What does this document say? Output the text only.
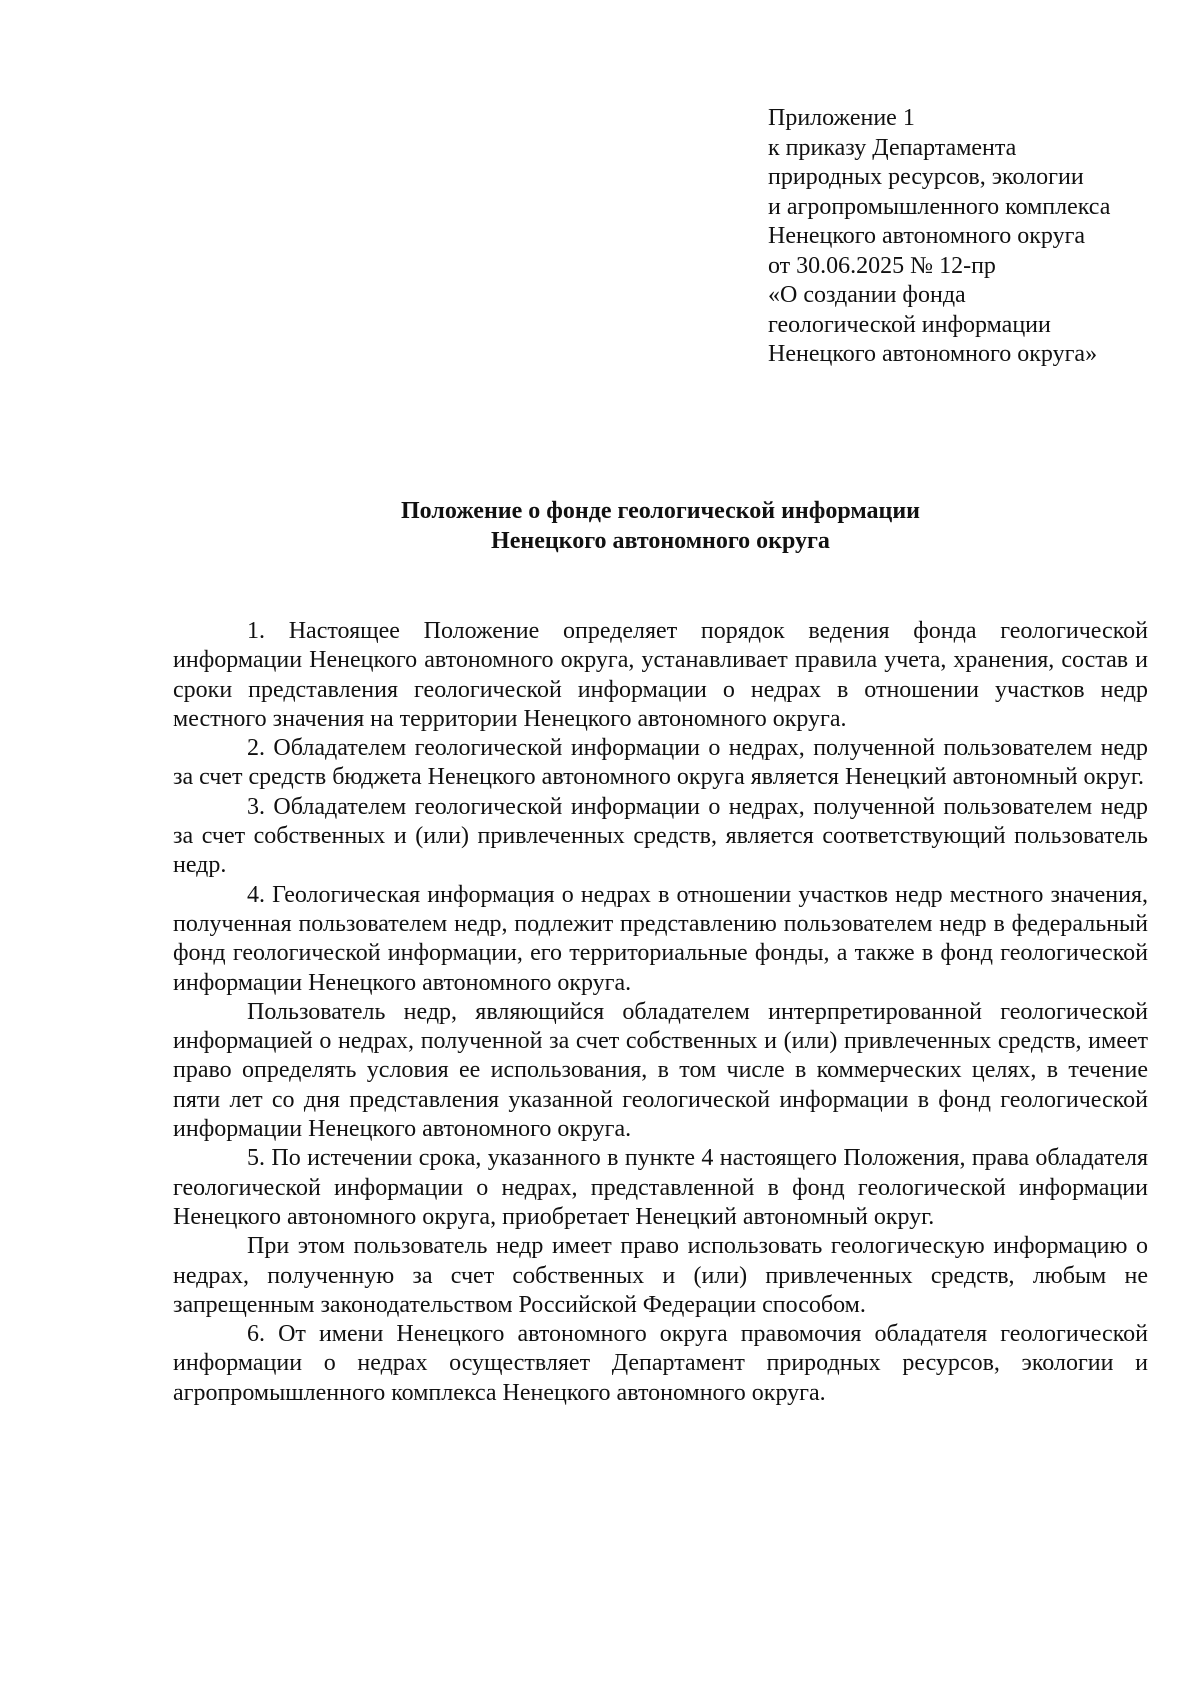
Приложение 1
к приказу Департамента
природных ресурсов, экологии
и агропромышленного комплекса
Ненецкого автономного округа
от 30.06.2025 № 12-пр
«О создании фонда
геологической информации
Ненецкого автономного округа»
Положение о фонде геологической информации
Ненецкого автономного округа

1. Настоящее Положение определяет порядок ведения фонда геологической информации Ненецкого автономного округа, устанавливает правила учета, хранения, состав и сроки представления геологической информации о недрах в отношении участков недр местного значения на территории Ненецкого автономного округа.

2. Обладателем геологической информации о недрах, полученной пользователем недр за счет средств бюджета Ненецкого автономного округа является Ненецкий автономный округ.

3. Обладателем геологической информации о недрах, полученной пользователем недр за счет собственных и (или) привлеченных средств, является соответствующий пользователь недр.

4. Геологическая информация о недрах в отношении участков недр местного значения, полученная пользователем недр, подлежит представлению пользователем недр в федеральный фонд геологической информации, его территориальные фонды, а также в фонд геологической информации Ненецкого автономного округа.

Пользователь недр, являющийся обладателем интерпретированной геологической информацией о недрах, полученной за счет собственных и (или) привлеченных средств, имеет право определять условия ее использования, в том числе в коммерческих целях, в течение пяти лет со дня представления указанной геологической информации в фонд геологической информации Ненецкого автономного округа.

5. По истечении срока, указанного в пункте 4 настоящего Положения, права обладателя геологической информации о недрах, представленной в фонд геологической информации Ненецкого автономного округа, приобретает Ненецкий автономный округ.

При этом пользователь недр имеет право использовать геологическую информацию о недрах, полученную за счет собственных и (или) привлеченных средств, любым не запрещенным законодательством Российской Федерации способом.

6. От имени Ненецкого автономного округа правомочия обладателя геологической информации о недрах осуществляет Департамент природных ресурсов, экологии и агропромышленного комплекса Ненецкого автономного округа.
